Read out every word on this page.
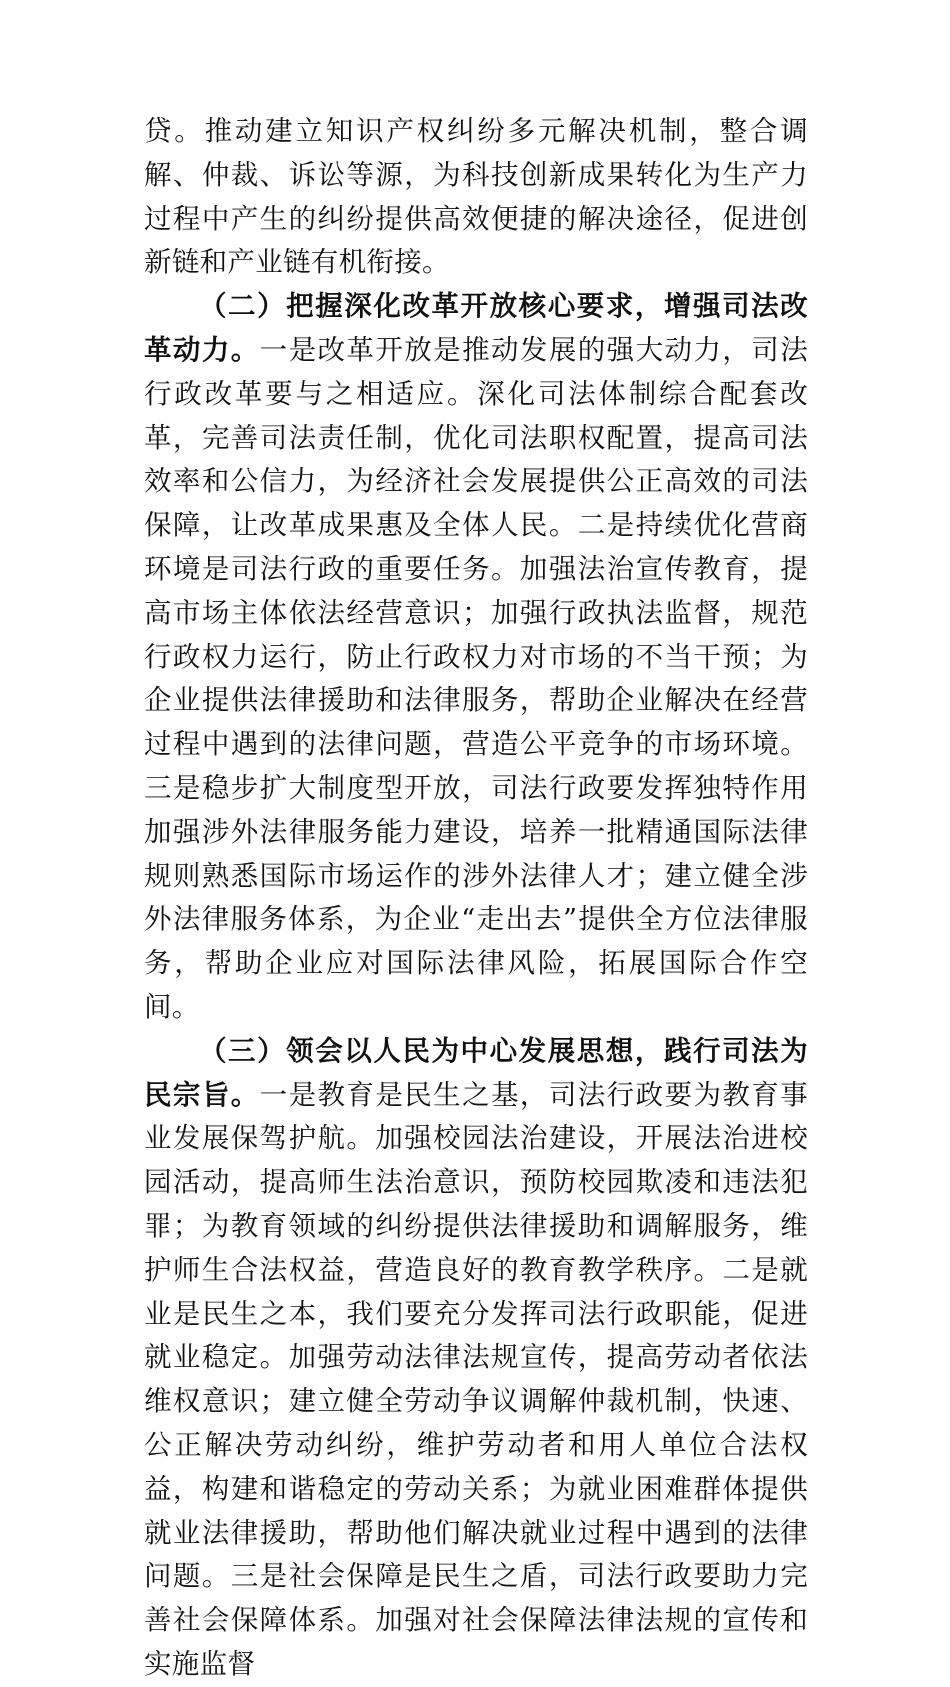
贷。推动建立知识产权纠纷多元解决机制，整合调解、仲裁、诉讼等源，为科技创新成果转化为生产力过程中产生的纠纷提供高效便捷的解决途径，促进创新链和产业链有机衔接。

（二）把握深化改革开放核心要求，增强司法改革动力。一是改革开放是推动发展的强大动力，司法行政改革要与之相适应。深化司法体制综合配套改革，完善司法责任制，优化司法职权配置，提高司法效率和公信力，为经济社会发展提供公正高效的司法保障，让改革成果惠及全体人民。二是持续优化营商环境是司法行政的重要任务。加强法治宣传教育，提高市场主体依法经营意识；加强行政执法监督，规范行政权力运行，防止行政权力对市场的不当干预；为企业提供法律援助和法律服务，帮助企业解决在经营过程中遇到的法律问题，营造公平竞争的市场环境。三是稳步扩大制度型开放，司法行政要发挥独特作用加强涉外法律服务能力建设，培养一批精通国际法律规则熟悉国际市场运作的涉外法律人才；建立健全涉外法律服务体系，为企业“走出去”提供全方位法律服务，帮助企业应对国际法律风险，拓展国际合作空间。

（三）领会以人民为中心发展思想，践行司法为民宗旨。一是教育是民生之基，司法行政要为教育事业发展保驾护航。加强校园法治建设，开展法治进校园活动，提高师生法治意识，预防校园欺凌和违法犯罪；为教育领域的纠纷提供法律援助和调解服务，维护师生合法权益，营造良好的教育教学秩序。二是就业是民生之本，我们要充分发挥司法行政职能，促进就业稳定。加强劳动法律法规宣传，提高劳动者依法维权意识；建立健全劳动争议调解仲裁机制，快速、公正解决劳动纠纷，维护劳动者和用人单位合法权益，构建和谐稳定的劳动关系；为就业困难群体提供就业法律援助，帮助他们解决就业过程中遇到的法律问题。三是社会保障是民生之盾，司法行政要助力完善社会保障体系。加强对社会保障法律法规的宣传和实施监督
